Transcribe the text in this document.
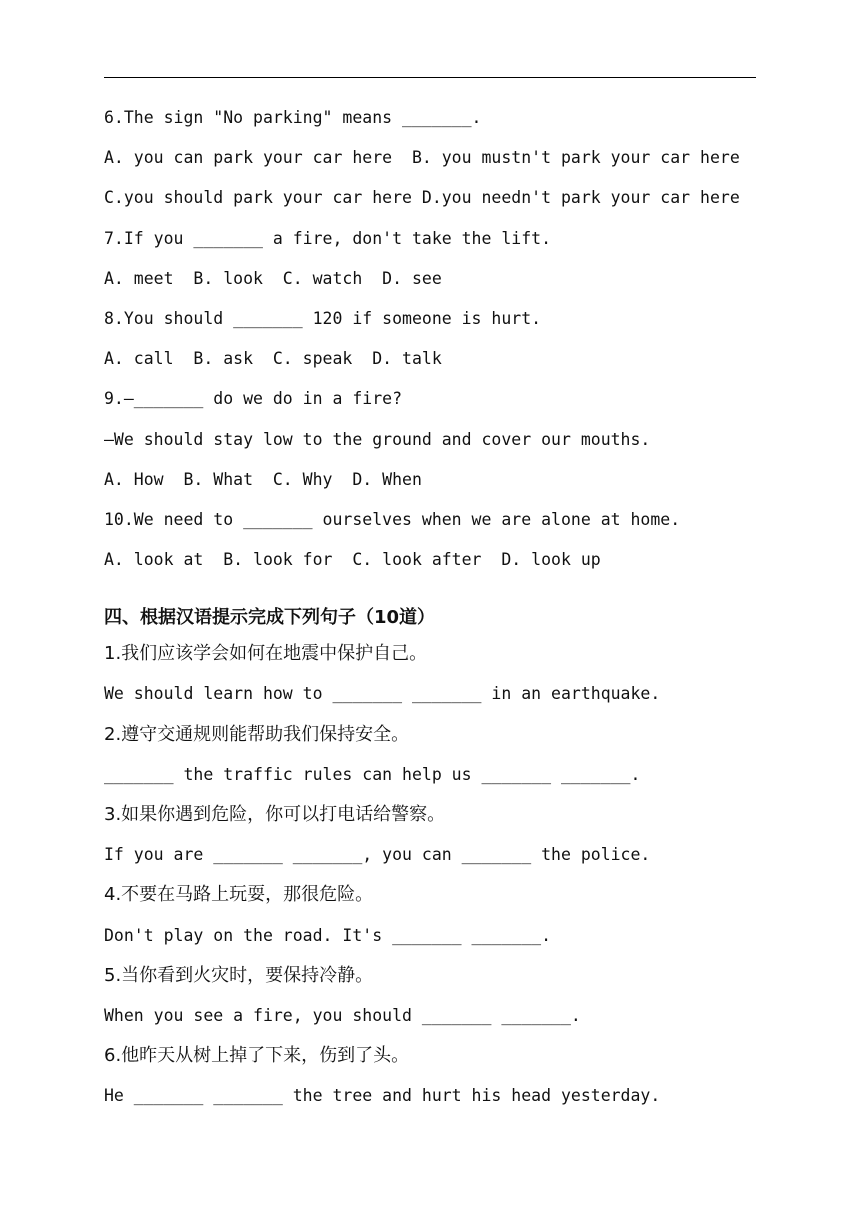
6.The sign "No parking" means _______.
A. you can park your car here  B. you mustn't park your car here
C.you should park your car here D.you needn't park your car here
7.If you _______ a fire, don't take the lift.
A. meet  B. look  C. watch  D. see
8.You should _______ 120 if someone is hurt.
A. call  B. ask  C. speak  D. talk
9.—_______ do we do in a fire?
—We should stay low to the ground and cover our mouths.
A. How  B. What  C. Why  D. When
10.We need to _______ ourselves when we are alone at home.
A. look at  B. look for  C. look after  D. look up
四、根据汉语提示完成下列句子（10道）
1.我们应该学会如何在地震中保护自己。
We should learn how to _______ _______ in an earthquake.
2.遵守交通规则能帮助我们保持安全。
_______ the traffic rules can help us _______ _______.
3.如果你遇到危险，你可以打电话给警察。
If you are _______ _______, you can _______ the police.
4.不要在马路上玩耍，那很危险。
Don't play on the road. It's _______ _______.
5.当你看到火灾时，要保持冷静。
When you see a fire, you should _______ _______.
6.他昨天从树上掉了下来，伤到了头。
He _______ _______ the tree and hurt his head yesterday.
